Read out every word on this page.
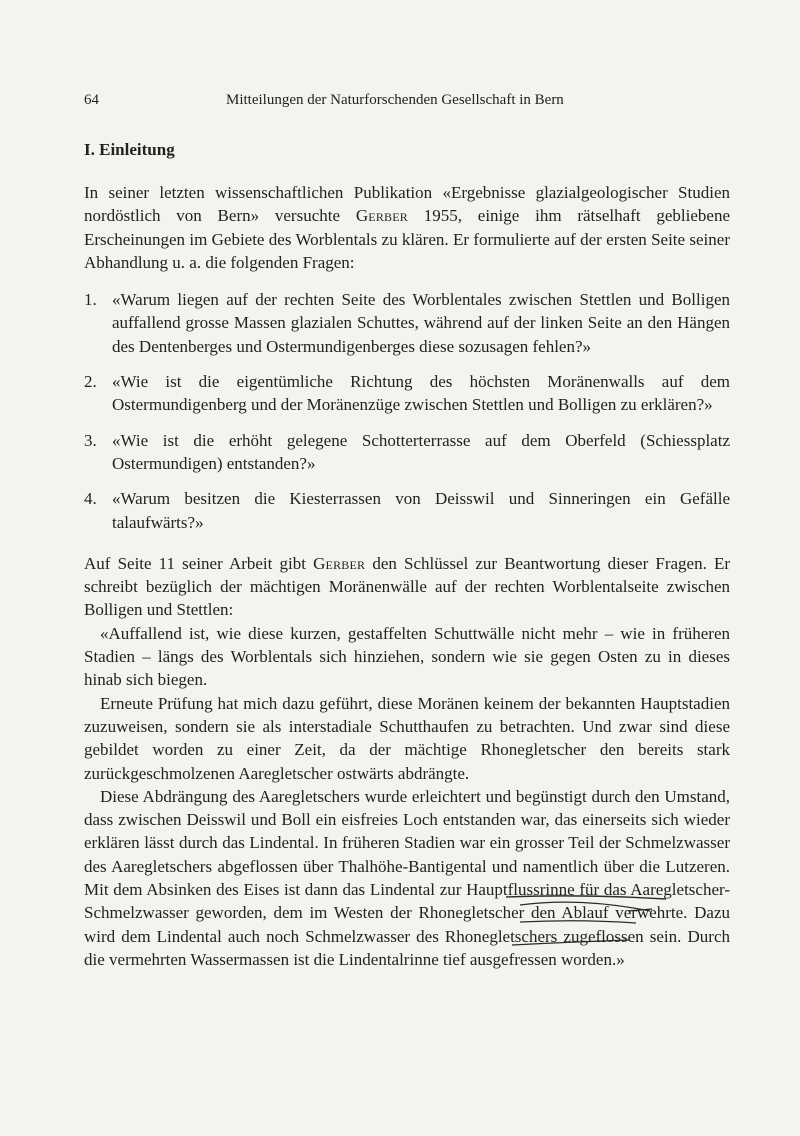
64	Mitteilungen der Naturforschenden Gesellschaft in Bern
I. Einleitung

In seiner letzten wissenschaftlichen Publikation «Ergebnisse glazialgeologischer Studien nordöstlich von Bern» versuchte Gerber 1955, einige ihm rätselhaft gebliebene Erscheinungen im Gebiete des Worblentals zu klären. Er formulierte auf der ersten Seite seiner Abhandlung u. a. die folgenden Fragen:

1. «Warum liegen auf der rechten Seite des Worblentales zwischen Stettlen und Bolligen auffallend grosse Massen glazialen Schuttes, während auf der linken Seite an den Hängen des Dentenberges und Ostermundigenberges diese sozusagen fehlen?»
2. «Wie ist die eigentümliche Richtung des höchsten Moränenwalls auf dem Ostermundigenberg und der Moränenzüge zwischen Stettlen und Bolligen zu erklären?»
3. «Wie ist die erhöht gelegene Schotterterrasse auf dem Oberfeld (Schiessplatz Ostermundigen) entstanden?»
4. «Warum besitzen die Kiesterrassen von Deisswil und Sinneringen ein Gefälle talaufwärts?»

Auf Seite 11 seiner Arbeit gibt Gerber den Schlüssel zur Beantwortung dieser Fragen. Er schreibt bezüglich der mächtigen Moränenwälle auf der rechten Worblentalseite zwischen Bolligen und Stettlen:

«Auffallend ist, wie diese kurzen, gestaffelten Schuttwälle nicht mehr – wie in früheren Stadien – längs des Worblentals sich hinziehen, sondern wie sie gegen Osten zu in dieses hinab sich biegen.

Erneute Prüfung hat mich dazu geführt, diese Moränen keinem der bekannten Hauptstadien zuzuweisen, sondern sie als interstadiale Schutthaufen zu betrachten. Und zwar sind diese gebildet worden zu einer Zeit, da der mächtige Rhonegletscher den bereits stark zurückgeschmolzenen Aaregletscher ostwärts abdrängte.

Diese Abdrängung des Aaregletschers wurde erleichtert und begünstigt durch den Umstand, dass zwischen Deisswil und Boll ein eisfreies Loch entstanden war, das einerseits sich wieder erklären lässt durch das Lindental. In früheren Stadien war ein grosser Teil der Schmelzwasser des Aaregletschers abgeflossen über Thalhöhe-Bantigental und namentlich über die Lutzeren. Mit dem Absinken des Eises ist dann das Lindental zur Hauptflussrinne für das Aaregletscher-Schmelzwasser geworden, dem im Westen der Rhonegletscher den Ablauf verwehrte. Dazu wird dem Lindental auch noch Schmelzwasser des Rhonegletschers zugeflossen sein. Durch die vermehrten Wassermassen ist die Lindentalrinne tief ausgefressen worden.»
